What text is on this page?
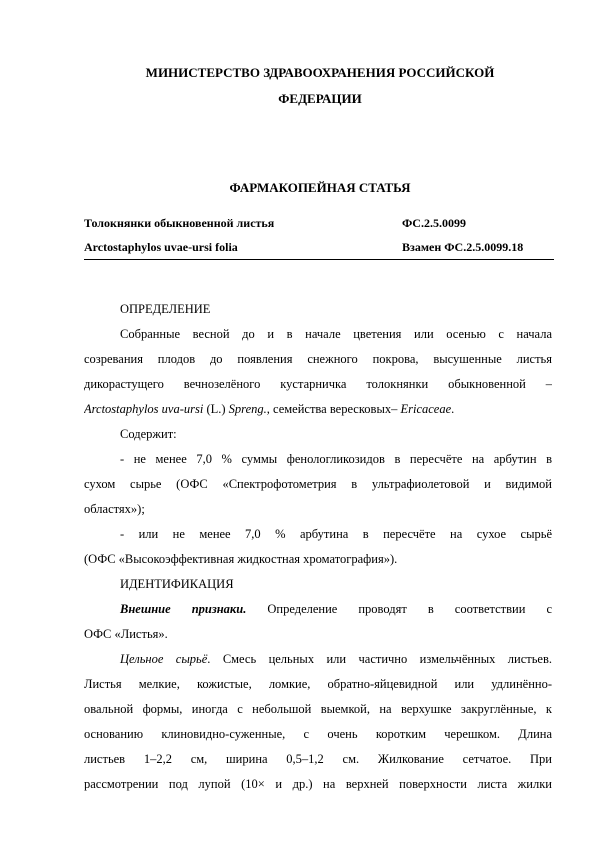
МИНИСТЕРСТВО ЗДРАВООХРАНЕНИЯ РОССИЙСКОЙ
ФЕДЕРАЦИИ
ФАРМАКОПЕЙНАЯ СТАТЬЯ
Толокнянки обыкновенной листья	ФС.2.5.0099
Arctostaphylos uvae-ursi folia	Взамен ФС.2.5.0099.18
ОПРЕДЕЛЕНИЕ
Собранные весной до и в начале цветения или осенью с начала
созревания плодов до появления снежного покрова, высушенные листья
дикорастущего вечнозелёного кустарничка толокнянки обыкновенной –
Arctostaphylos uva-ursi (L.) Spreng., семейства вересковых– Ericaceae.
Содержит:
- не менее 7,0 % суммы фенологликозидов в пересчёте на арбутин в
сухом сырье (ОФС «Спектрофотометрия в ультрафиолетовой и видимой
областях»);
- или не менее 7,0 % арбутина в пересчёте на сухое сырьё
(ОФС «Высокоэффективная жидкостная хроматография»).
ИДЕНТИФИКАЦИЯ
Внешние признаки. Определение проводят в соответствии с
ОФС «Листья».
Цельное сырьё. Смесь цельных или частично измельчённых листьев.
Листья мелкие, кожистые, ломкие, обратно-яйцевидной или удлинённо-
овальной формы, иногда с небольшой выемкой, на верхушке закруглённые, к
основанию клиновидно-суженные, с очень коротким черешком. Длина
листьев 1–2,2 см, ширина 0,5–1,2 см. Жилкование сетчатое. При
рассмотрении под лупой (10× и др.) на верхней поверхности листа жилки
